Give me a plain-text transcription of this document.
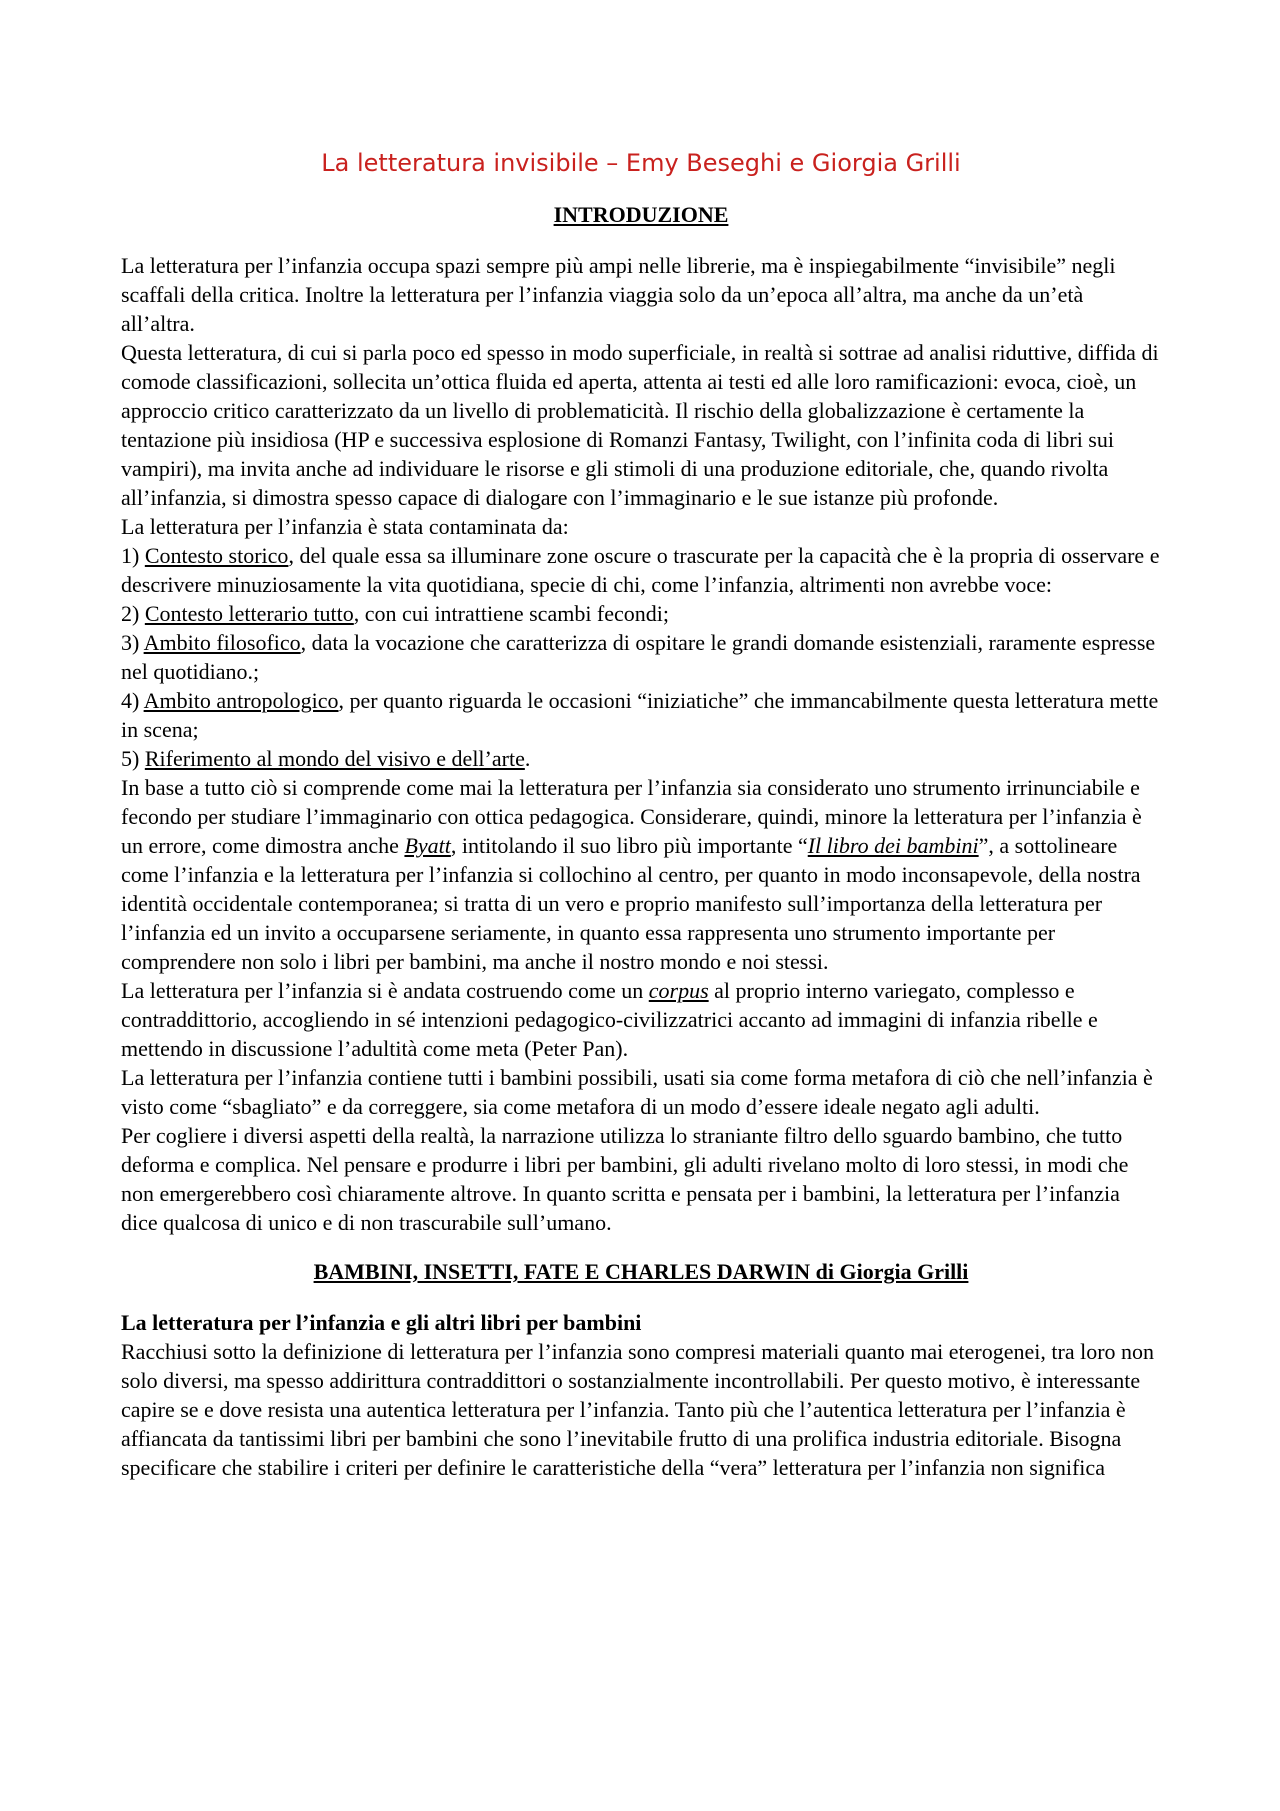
La letteratura invisibile – Emy Beseghi e Giorgia Grilli
INTRODUZIONE

La letteratura per l’infanzia occupa spazi sempre più ampi nelle librerie, ma è inspiegabilmente “invisibile” negli scaffali della critica. Inoltre la letteratura per l’infanzia viaggia solo da un’epoca all’altra, ma anche da un’età all’altra.

Questa letteratura, di cui si parla poco ed spesso in modo superficiale, in realtà si sottrae ad analisi riduttive, diffida di comode classificazioni, sollecita un’ottica fluida ed aperta, attenta ai testi ed alle loro ramificazioni: evoca, cioè, un approccio critico caratterizzato da un livello di problematicità. Il rischio della globalizzazione è certamente la tentazione più insidiosa (HP e successiva esplosione di Romanzi Fantasy, Twilight, con l’infinita coda di libri sui vampiri), ma invita anche ad individuare le risorse e gli stimoli di una produzione editoriale, che, quando rivolta all’infanzia, si dimostra spesso capace di dialogare con l’immaginario e le sue istanze più profonde.

La letteratura per l’infanzia è stata contaminata da:

1) Contesto storico, del quale essa sa illuminare zone oscure o trascurate per la capacità che è la propria di osservare e descrivere minuziosamente la vita quotidiana, specie di chi, come l’infanzia, altrimenti non avrebbe voce:

2) Contesto letterario tutto, con cui intrattiene scambi fecondi;

3) Ambito filosofico, data la vocazione che caratterizza di ospitare le grandi domande esistenziali, raramente espresse nel quotidiano.;

4) Ambito antropologico, per quanto riguarda le occasioni “iniziatiche” che immancabilmente questa letteratura mette in scena;

5) Riferimento al mondo del visivo e dell’arte.

In base a tutto ciò si comprende come mai la letteratura per l’infanzia sia considerato uno strumento irrinunciabile e fecondo per studiare l’immaginario con ottica pedagogica. Considerare, quindi, minore la letteratura per l’infanzia è un errore, come dimostra anche Byatt, intitolando il suo libro più importante “Il libro dei bambini”, a sottolineare come l’infanzia e la letteratura per l’infanzia si collochino al centro, per quanto in modo inconsapevole, della nostra identità occidentale contemporanea; si tratta di un vero e proprio manifesto sull’importanza della letteratura per l’infanzia ed un invito a occuparsene seriamente, in quanto essa rappresenta uno strumento importante per comprendere non solo i libri per bambini, ma anche il nostro mondo e noi stessi.

La letteratura per l’infanzia si è andata costruendo come un corpus al proprio interno variegato, complesso e contraddittorio, accogliendo in sé intenzioni pedagogico-civilizzatrici accanto ad immagini di infanzia ribelle e mettendo in discussione l’adultità come meta (Peter Pan).

La letteratura per l’infanzia contiene tutti i bambini possibili, usati sia come forma metafora di ciò che nell’infanzia è visto come “sbagliato” e da correggere, sia come metafora di un modo d’essere ideale negato agli adulti.

Per cogliere i diversi aspetti della realtà, la narrazione utilizza lo straniante filtro dello sguardo bambino, che tutto deforma e complica. Nel pensare e produrre i libri per bambini, gli adulti rivelano molto di loro stessi, in modi che non emergerebbero così chiaramente altrove. In quanto scritta e pensata per i bambini, la letteratura per l’infanzia dice qualcosa di unico e di non trascurabile sull’umano.

BAMBINI, INSETTI, FATE E CHARLES DARWIN di Giorgia Grilli

La letteratura per l’infanzia e gli altri libri per bambini

Racchiusi sotto la definizione di letteratura per l’infanzia sono compresi materiali quanto mai eterogenei, tra loro non solo diversi, ma spesso addirittura contraddittori o sostanzialmente incontrollabili. Per questo motivo, è interessante capire se e dove resista una autentica letteratura per l’infanzia. Tanto più che l’autentica letteratura per l’infanzia è affiancata da tantissimi libri per bambini che sono l’inevitabile frutto di una prolifica industria editoriale. Bisogna specificare che stabilire i criteri per definire le caratteristiche della “vera” letteratura per l’infanzia non significa
